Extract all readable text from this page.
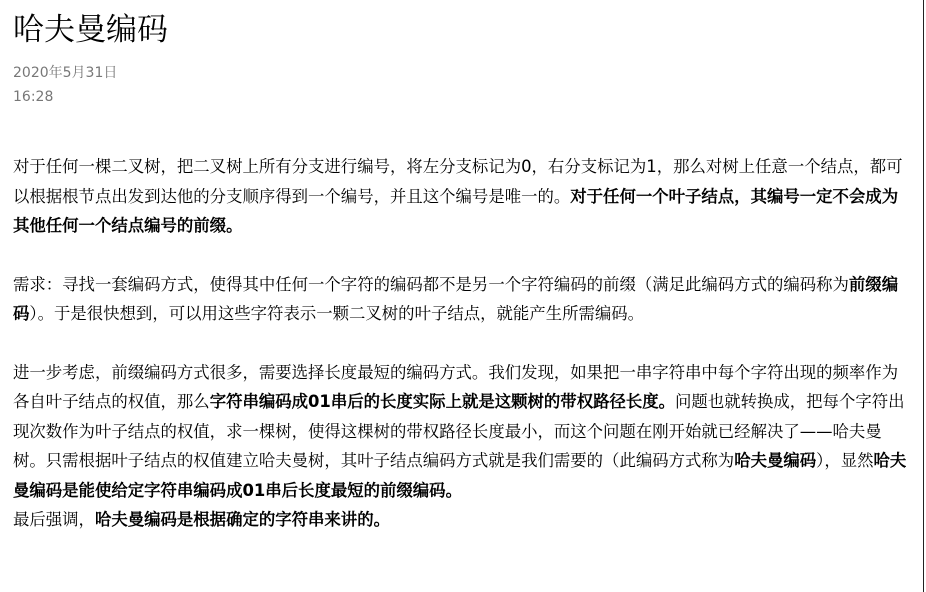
哈夫曼编码
2020年5月31日
16:28

对于任何一棵二叉树，把二叉树上所有分支进行编号，将左分支标记为0，右分支标记为1，那么对树上任意一个结点，都可以根据根节点出发到达他的分支顺序得到一个编号，并且这个编号是唯一的。对于任何一个叶子结点，其编号一定不会成为其他任何一个结点编号的前缀。

需求：寻找一套编码方式，使得其中任何一个字符的编码都不是另一个字符编码的前缀（满足此编码方式的编码称为前缀编码）。于是很快想到，可以用这些字符表示一颗二叉树的叶子结点，就能产生所需编码。

进一步考虑，前缀编码方式很多，需要选择长度最短的编码方式。我们发现，如果把一串字符串中每个字符出现的频率作为各自叶子结点的权值，那么字符串编码成01串后的长度实际上就是这颗树的带权路径长度。问题也就转换成，把每个字符出现次数作为叶子结点的权值，求一棵树，使得这棵树的带权路径长度最小，而这个问题在刚开始就已经解决了——哈夫曼树。只需根据叶子结点的权值建立哈夫曼树，其叶子结点编码方式就是我们需要的（此编码方式称为哈夫曼编码），显然哈夫曼编码是能使给定字符串编码成01串后长度最短的前缀编码。

最后强调，哈夫曼编码是根据确定的字符串来讲的。
